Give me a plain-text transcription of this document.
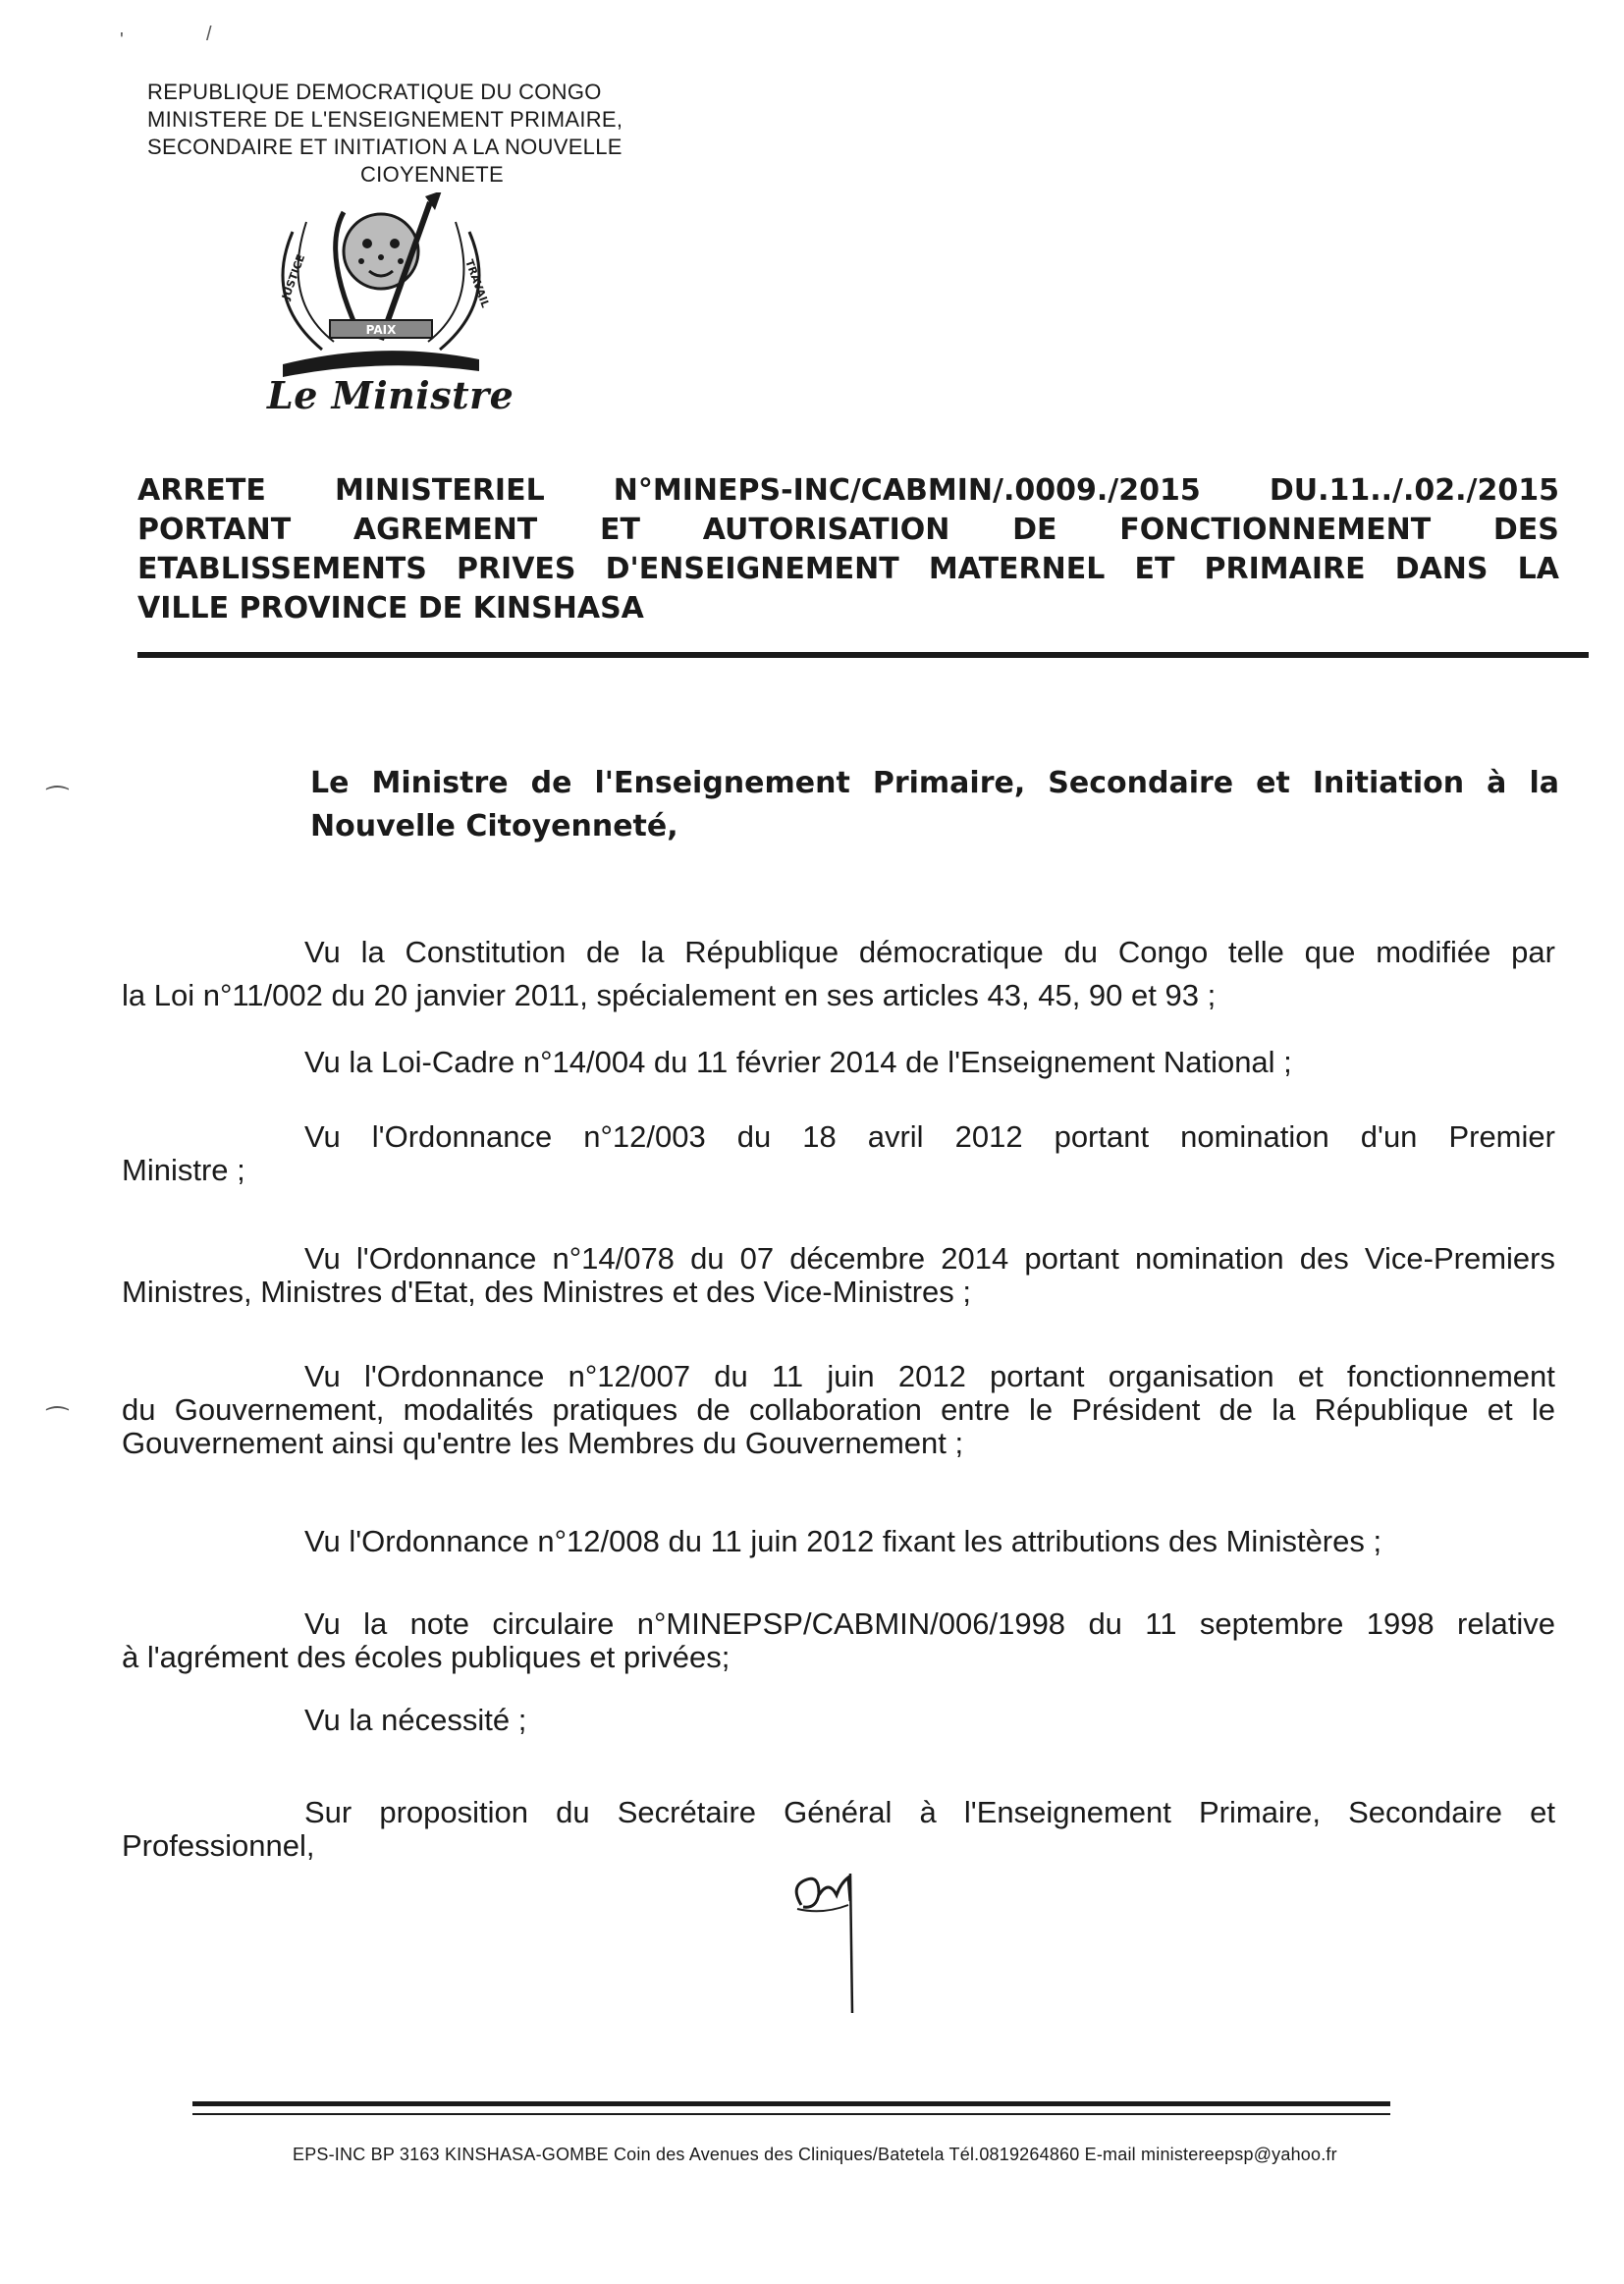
'	/
REPUBLIQUE DEMOCRATIQUE DU CONGO
MINISTERE DE L'ENSEIGNEMENT PRIMAIRE,
SECONDAIRE ET INITIATION A LA NOUVELLE
CIOYENNETE
PAIX
JUSTICE	TRAVAIL
Le Ministre
ARRETE MINISTERIEL N°MINEPS-INC/CABMIN/.0009./2015 DU.11../.02./2015
PORTANT AGREMENT ET AUTORISATION DE FONCTIONNEMENT DES
ETABLISSEMENTS PRIVES D'ENSEIGNEMENT MATERNEL ET PRIMAIRE DANS LA
VILLE PROVINCE DE KINSHASA
Le Ministre de l'Enseignement Primaire, Secondaire et Initiation à la
Nouvelle Citoyenneté,
Vu la Constitution de la République démocratique du Congo telle que modifiée par
la Loi n°11/002 du 20 janvier 2011, spécialement en ses articles 43, 45, 90 et 93 ;
Vu la Loi-Cadre n°14/004 du 11 février 2014 de l'Enseignement National ;
Vu l'Ordonnance n°12/003 du 18 avril 2012 portant nomination d'un Premier
Ministre ;
Vu l'Ordonnance n°14/078 du 07 décembre 2014 portant nomination des Vice-Premiers
Ministres, Ministres d'Etat, des Ministres et des Vice-Ministres ;
Vu l'Ordonnance n°12/007 du 11 juin 2012 portant organisation et fonctionnement
du Gouvernement, modalités pratiques de collaboration entre le Président de la République et le
Gouvernement ainsi qu'entre les Membres du Gouvernement ;
Vu l'Ordonnance n°12/008 du 11 juin 2012 fixant les attributions des Ministères ;
Vu la note circulaire n°MINEPSP/CABMIN/006/1998 du 11 septembre 1998 relative
à l'agrément des écoles publiques et privées;
Vu la nécessité ;
Sur proposition du Secrétaire Général à l'Enseignement Primaire, Secondaire et
Professionnel,
EPS-INC BP 3163 KINSHASA-GOMBE Coin des Avenues des Cliniques/Batetela Tél.0819264860 E-mail ministereepsp@yahoo.fr
⁀
⁀
